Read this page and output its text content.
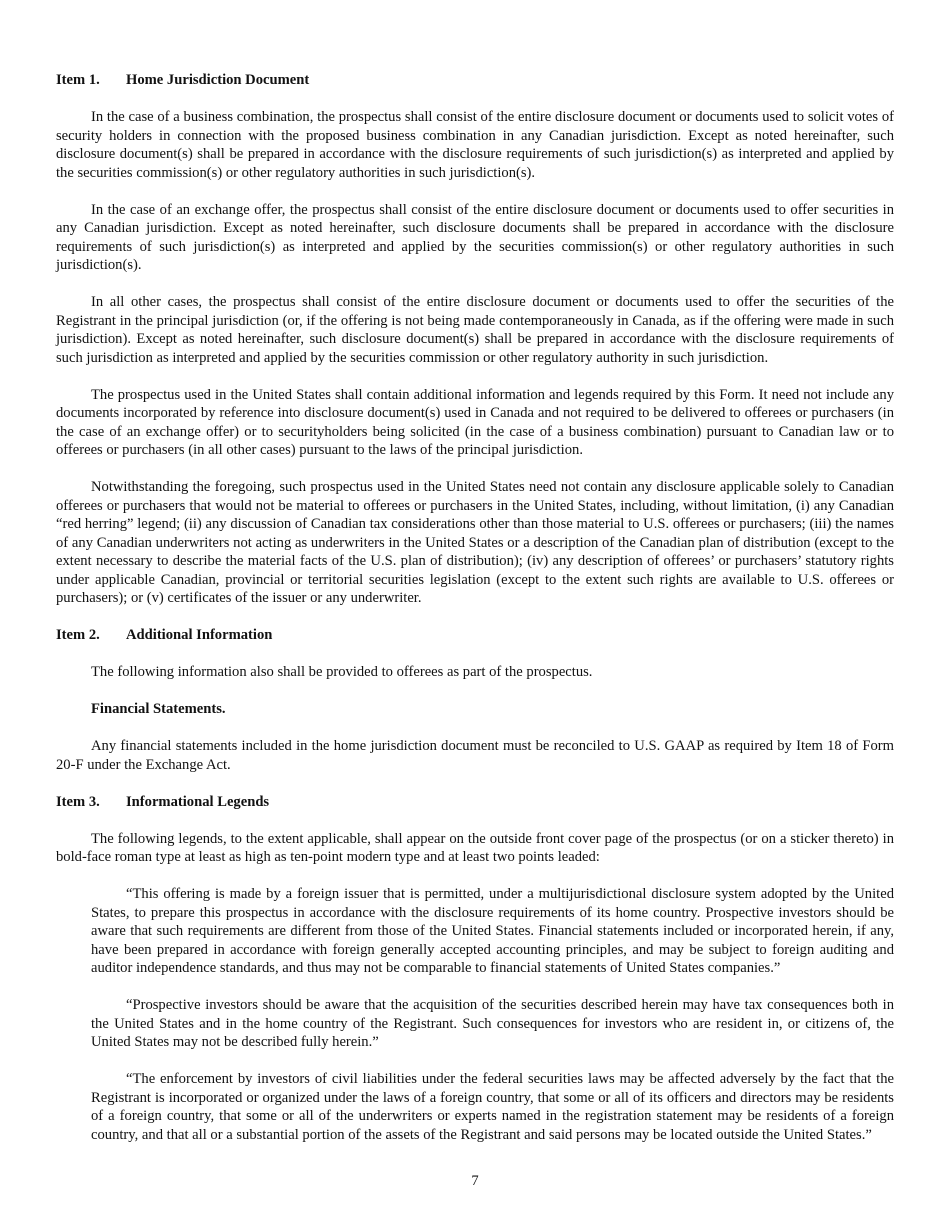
Item 1. Home Jurisdiction Document

In the case of a business combination, the prospectus shall consist of the entire disclosure document or documents used to solicit votes of security holders in connection with the proposed business combination in any Canadian jurisdiction. Except as noted hereinafter, such disclosure document(s) shall be prepared in accordance with the disclosure requirements of such jurisdiction(s) as interpreted and applied by the securities commission(s) or other regulatory authorities in such jurisdiction(s).

In the case of an exchange offer, the prospectus shall consist of the entire disclosure document or documents used to offer securities in any Canadian jurisdiction. Except as noted hereinafter, such disclosure documents shall be prepared in accordance with the disclosure requirements of such jurisdiction(s) as interpreted and applied by the securities commission(s) or other regulatory authorities in such jurisdiction(s).

In all other cases, the prospectus shall consist of the entire disclosure document or documents used to offer the securities of the Registrant in the principal jurisdiction (or, if the offering is not being made contemporaneously in Canada, as if the offering were made in such jurisdiction). Except as noted hereinafter, such disclosure document(s) shall be prepared in accordance with the disclosure requirements of such jurisdiction as interpreted and applied by the securities commission or other regulatory authority in such jurisdiction.

The prospectus used in the United States shall contain additional information and legends required by this Form. It need not include any documents incorporated by reference into disclosure document(s) used in Canada and not required to be delivered to offerees or purchasers (in the case of an exchange offer) or to securityholders being solicited (in the case of a business combination) pursuant to Canadian law or to offerees or purchasers (in all other cases) pursuant to the laws of the principal jurisdiction.

Notwithstanding the foregoing, such prospectus used in the United States need not contain any disclosure applicable solely to Canadian offerees or purchasers that would not be material to offerees or purchasers in the United States, including, without limitation, (i) any Canadian “red herring” legend; (ii) any discussion of Canadian tax considerations other than those material to U.S. offerees or purchasers; (iii) the names of any Canadian underwriters not acting as underwriters in the United States or a description of the Canadian plan of distribution (except to the extent necessary to describe the material facts of the U.S. plan of distribution); (iv) any description of offerees’ or purchasers’ statutory rights under applicable Canadian, provincial or territorial securities legislation (except to the extent such rights are available to U.S. offerees or purchasers); or (v) certificates of the issuer or any underwriter.

Item 2. Additional Information

The following information also shall be provided to offerees as part of the prospectus.

Financial Statements.

Any financial statements included in the home jurisdiction document must be reconciled to U.S. GAAP as required by Item 18 of Form 20-F under the Exchange Act.

Item 3. Informational Legends

The following legends, to the extent applicable, shall appear on the outside front cover page of the prospectus (or on a sticker thereto) in bold-face roman type at least as high as ten-point modern type and at least two points leaded:

“This offering is made by a foreign issuer that is permitted, under a multijurisdictional disclosure system adopted by the United States, to prepare this prospectus in accordance with the disclosure requirements of its home country. Prospective investors should be aware that such requirements are different from those of the United States. Financial statements included or incorporated herein, if any, have been prepared in accordance with foreign generally accepted accounting principles, and may be subject to foreign auditing and auditor independence standards, and thus may not be comparable to financial statements of United States companies.”

“Prospective investors should be aware that the acquisition of the securities described herein may have tax consequences both in the United States and in the home country of the Registrant. Such consequences for investors who are resident in, or citizens of, the United States may not be described fully herein.”

“The enforcement by investors of civil liabilities under the federal securities laws may be affected adversely by the fact that the Registrant is incorporated or organized under the laws of a foreign country, that some or all of its officers and directors may be residents of a foreign country, that some or all of the underwriters or experts named in the registration statement may be residents of a foreign country, and that all or a substantial portion of the assets of the Registrant and said persons may be located outside the United States.”

7
